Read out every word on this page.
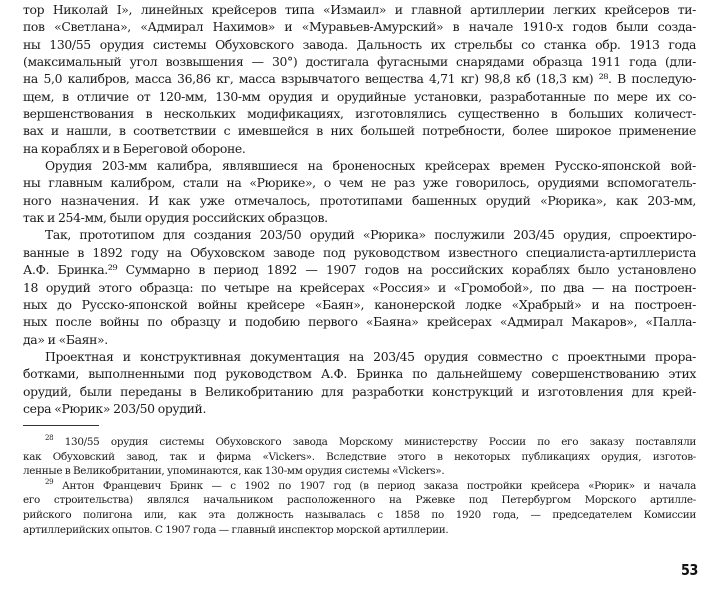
тор Николай I», линейных крейсеров типа «Измаил» и главной артиллерии легких крейсеров ти-
пов «Светлана», «Адмирал Нахимов» и «Муравьев-Амурский» в начале 1910-х годов были созда-
ны 130/55 орудия системы Обуховского завода. Дальность их стрельбы со станка обр. 1913 года
(максимальный угол возвышения — 30°) достигала фугасными снарядами образца 1911 года (дли-
на 5,0 калибров, масса 36,86 кг, масса взрывчатого вещества 4,71 кг) 98,8 кб (18,3 км) ²⁸. В последую-
щем, в отличие от 120-мм, 130-мм орудия и орудийные установки, разработанные по мере их со-
вершенствования в нескольких модификациях, изготовлялись существенно в больших количест-
вах и нашли, в соответствии с имевшейся в них большей потребности, более широкое применение
на кораблях и в Береговой обороне.

Орудия 203-мм калибра, являвшиеся на броненосных крейсерах времен Русско-японской вой-
ны главным калибром, стали на «Рюрике», о чем не раз уже говорилось, орудиями вспомогатель-
ного назначения. И как уже отмечалось, прототипами башенных орудий «Рюрика», как 203-мм,
так и 254-мм, были орудия российских образцов.

Так, прототипом для создания 203/50 орудий «Рюрика» послужили 203/45 орудия, спроектиро-
ванные в 1892 году на Обуховском заводе под руководством известного специалиста-артиллериста
А.Ф. Бринка.²⁹ Суммарно в период 1892 — 1907 годов на российских кораблях было установлено
18 орудий этого образца: по четыре на крейсерах «Россия» и «Громобой», по два — на построен-
ных до Русско-японской войны крейсере «Баян», канонерской лодке «Храбрый» и на построен-
ных после войны по образцу и подобию первого «Баяна» крейсерах «Адмирал Макаров», «Палла-
да» и «Баян».

Проектная и конструктивная документация на 203/45 орудия совместно с проектными прора-
ботками, выполненными под руководством А.Ф. Бринка по дальнейшему совершенствованию этих
орудий, были переданы в Великобританию для разработки конструкций и изготовления для крей-
сера «Рюрик» 203/50 орудий.

$^{28}$ 130/55 орудия системы Обуховского завода Морскому министерству России по его заказу поставляли
как Обуховский завод, так и фирма «Vickers». Вследствие этого в некоторых публикациях орудия, изготов-
ленные в Великобритании, упоминаются, как 130-мм орудия системы «Vickers».

$^{29}$ Антон Францевич Бринк — с 1902 по 1907 год (в период заказа постройки крейсера «Рюрик» и начала
его строительства) являлся начальником расположенного на Ржевке под Петербургом Морского артилле-
рийского полигона или, как эта должность называлась с 1858 по 1920 года, — председателем Комиссии
артиллерийских опытов. С 1907 года — главный инспектор морской артиллерии.

53
